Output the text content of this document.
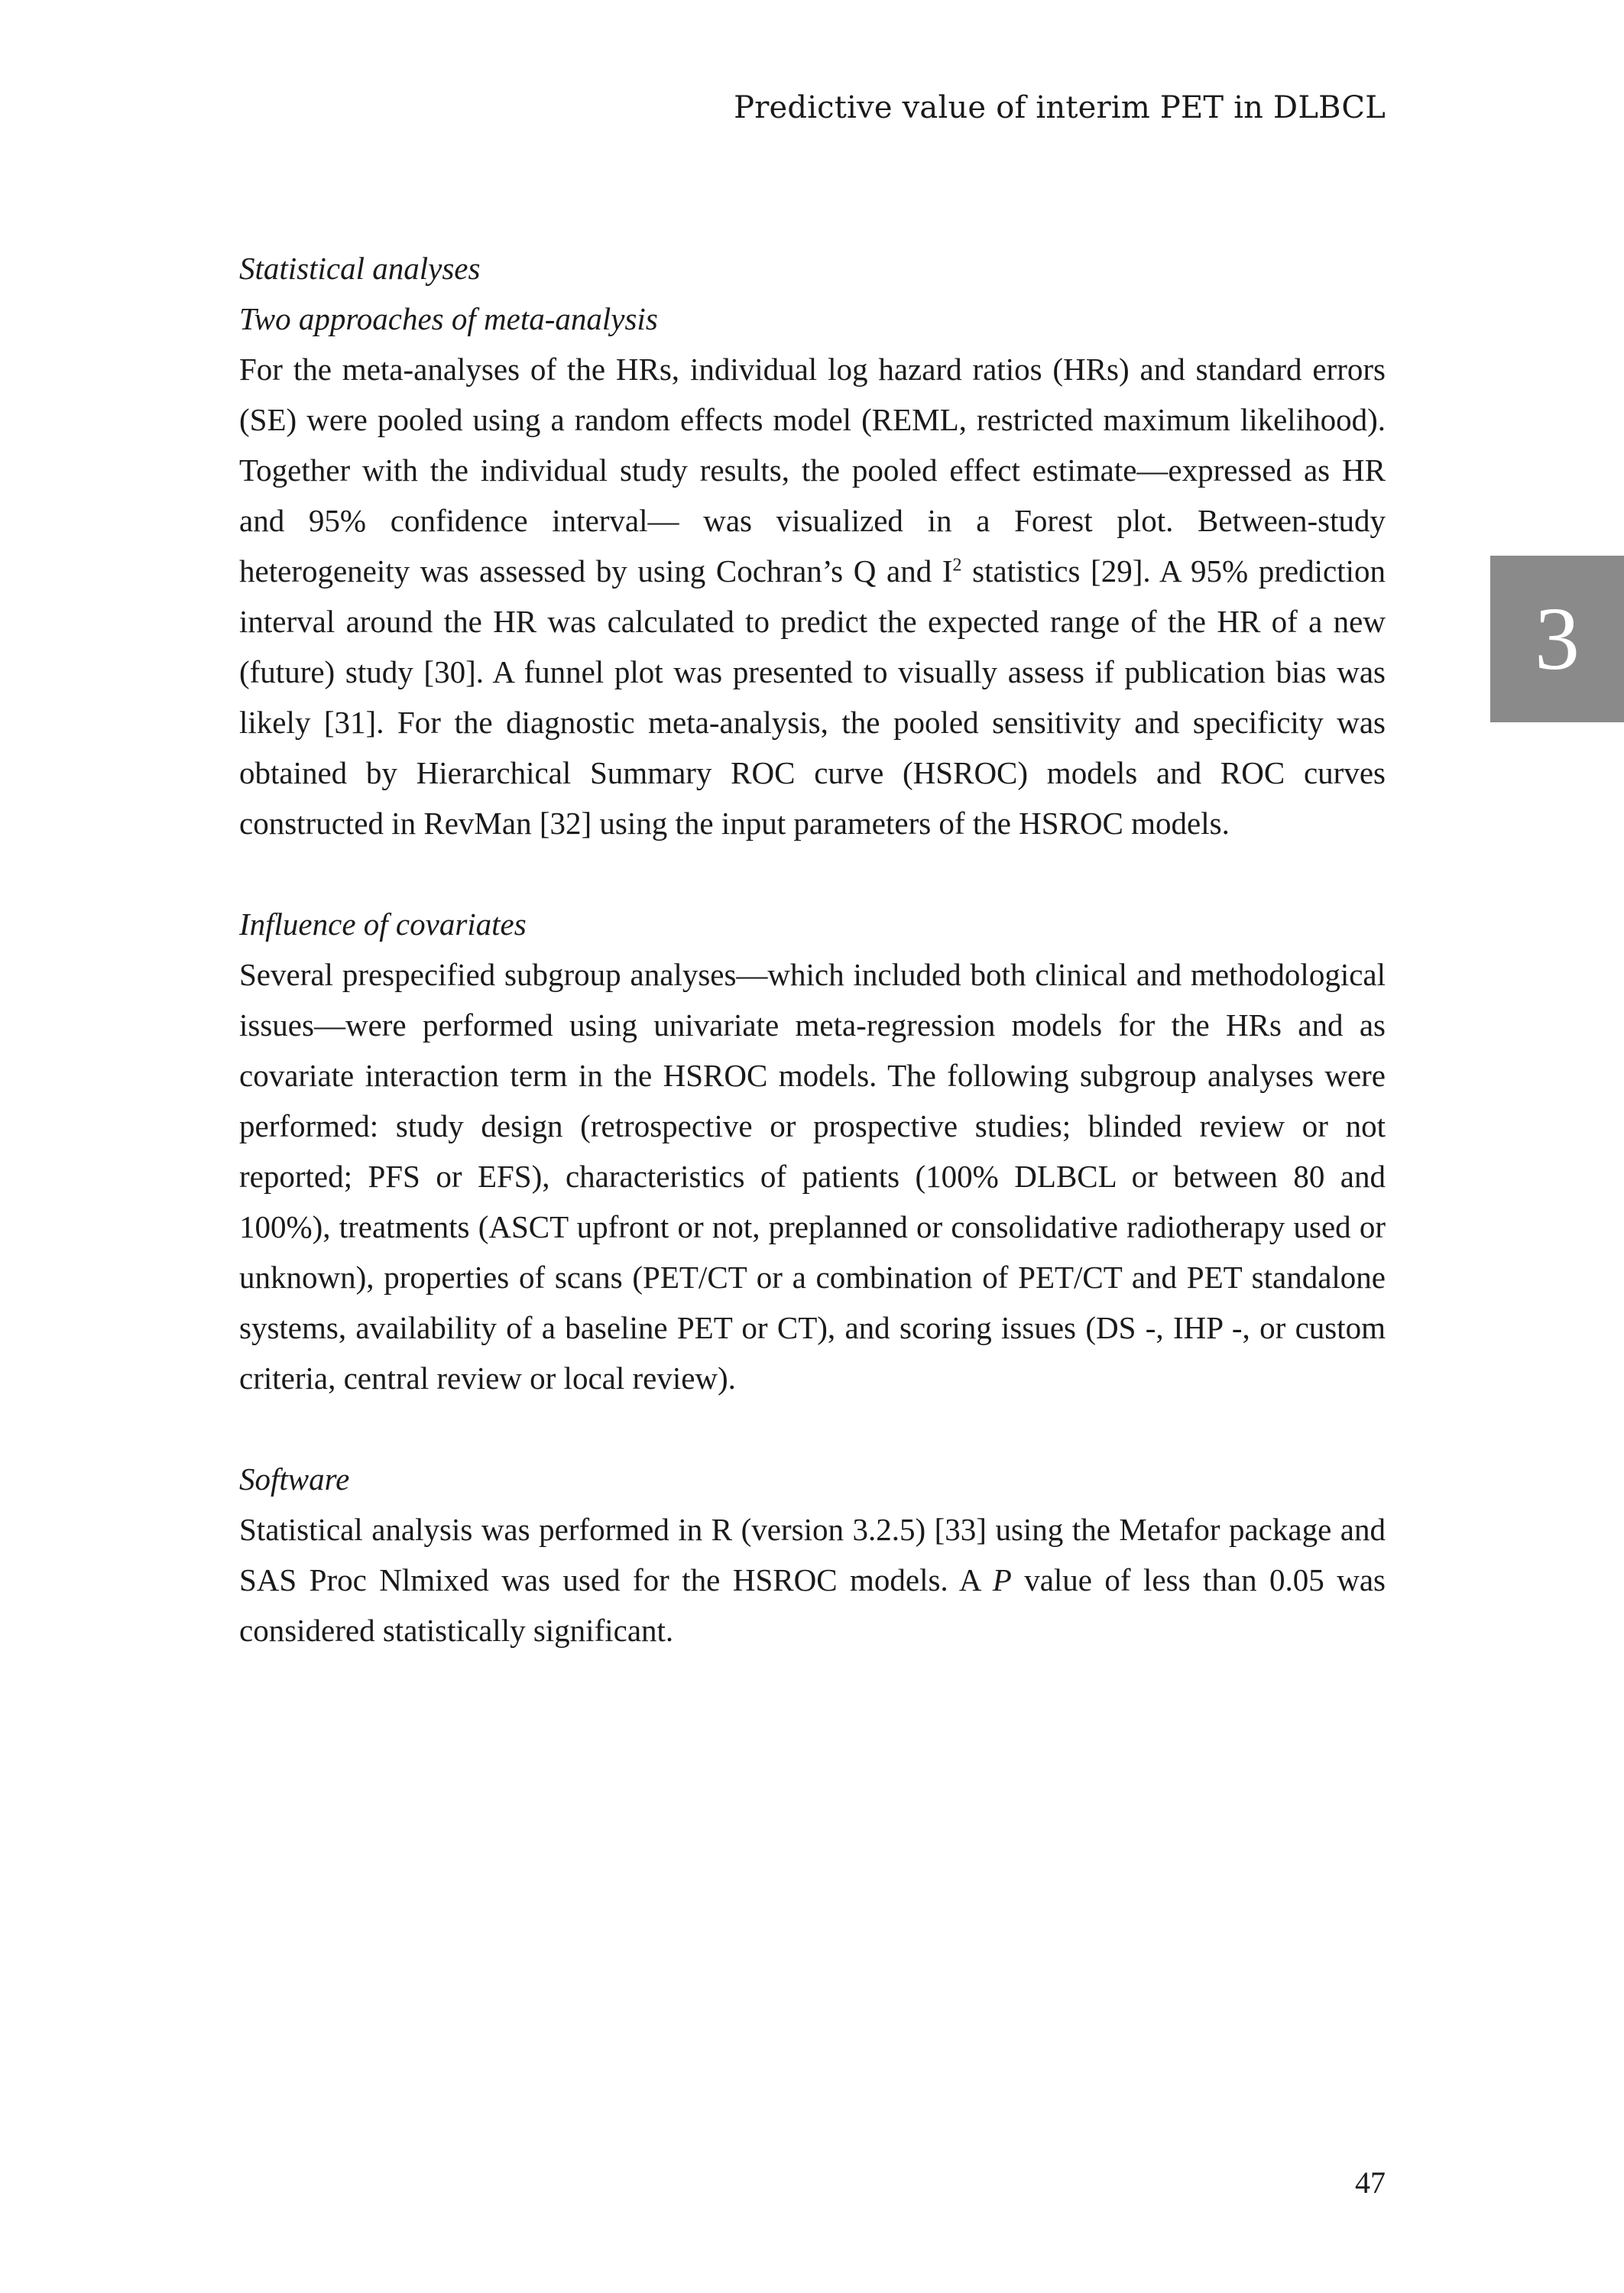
Predictive value of interim PET in DLBCL
3

Statistical analyses

Two approaches of meta-analysis

For the meta-analyses of the HRs, individual log hazard ratios (HRs) and standard errors (SE) were pooled using a random effects model (REML, restricted maximum likelihood). Together with the individual study results, the pooled effect estimate—expressed as HR and 95% confidence interval— was visualized in a Forest plot. Between-study heterogeneity was assessed by using Cochran’s Q and $I^2$ statistics [29]. A 95% prediction interval around the HR was calculated to predict the expected range of the HR of a new (future) study [30]. A funnel plot was presented to visually assess if publication bias was likely [31]. For the diagnostic meta-analysis, the pooled sensitivity and specificity was obtained by Hierarchical Summary ROC curve (HSROC) models and ROC curves constructed in RevMan [32] using the input parameters of the HSROC models.

Influence of covariates

Several prespecified subgroup analyses—which included both clinical and methodological issues—were performed using univariate meta-regression models for the HRs and as covariate interaction term in the HSROC models. The following subgroup analyses were performed: study design (retrospective or prospective studies; blinded review or not reported; PFS or EFS), characteristics of patients (100% DLBCL or between 80 and 100%), treatments (ASCT upfront or not, preplanned or consolidative radiotherapy used or unknown), properties of scans (PET/CT or a combination of PET/CT and PET standalone systems, availability of a baseline PET or CT), and scoring issues (DS -, IHP -, or custom criteria, central review or local review).

Software

Statistical analysis was performed in R (version 3.2.5) [33] using the Metafor package and SAS Proc Nlmixed was used for the HSROC models. A P value of less than 0.05 was considered statistically significant.

47
